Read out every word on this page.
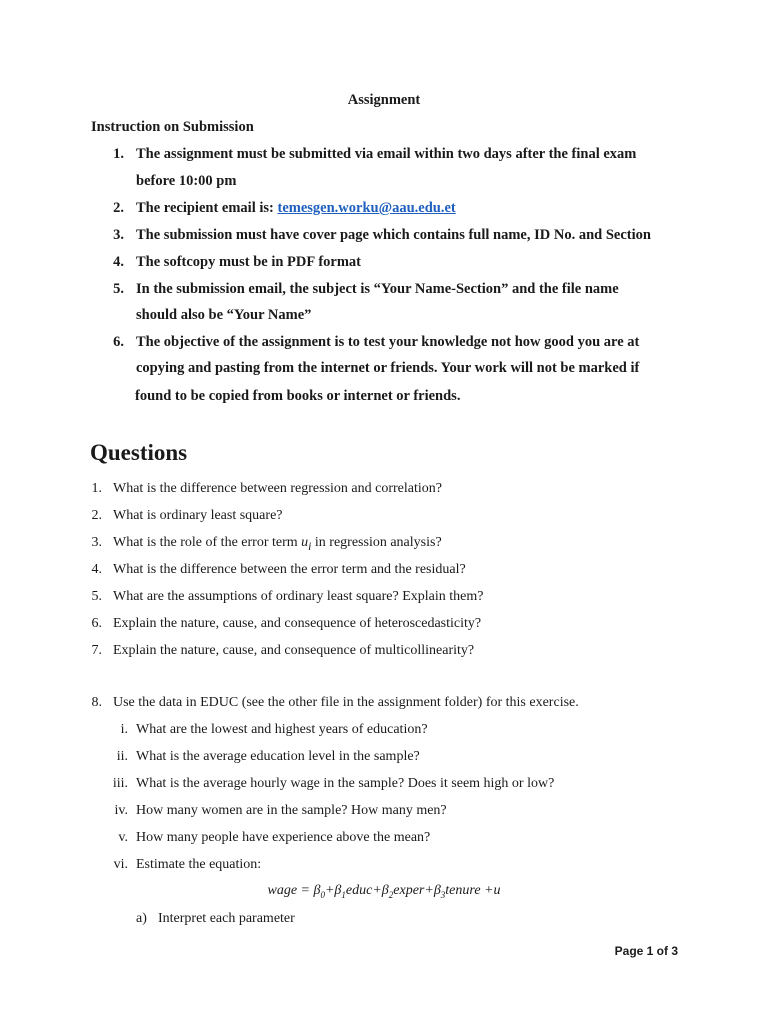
Assignment
Instruction on Submission
1. The assignment must be submitted via email within two days after the final exam
before 10:00 pm
2. The recipient email is: temesgen.worku@aau.edu.et
3. The submission must have cover page which contains full name, ID No. and Section
4. The softcopy must be in PDF format
5. In the submission email, the subject is “Your Name-Section” and the file name
should also be “Your Name”
6. The objective of the assignment is to test your knowledge not how good you are at
copying and pasting from the internet or friends. Your work will not be marked if
found to be copied from books or internet or friends.
Questions
1. What is the difference between regression and correlation?
2. What is ordinary least square?
3. What is the role of the error term $u_i$ in regression analysis?
4. What is the difference between the error term and the residual?
5. What are the assumptions of ordinary least square? Explain them?
6. Explain the nature, cause, and consequence of heteroscedasticity?
7. Explain the nature, cause, and consequence of multicollinearity?
8. Use the data in EDUC (see the other file in the assignment folder) for this exercise.
i. What are the lowest and highest years of education?
ii. What is the average education level in the sample?
iii. What is the average hourly wage in the sample? Does it seem high or low?
iv. How many women are in the sample? How many men?
v. How many people have experience above the mean?
vi. Estimate the equation:
wage = $\beta_0+\beta_1educ+\beta_2exper+\beta_3tenure +u$
a) Interpret each parameter
Page 1 of 3
